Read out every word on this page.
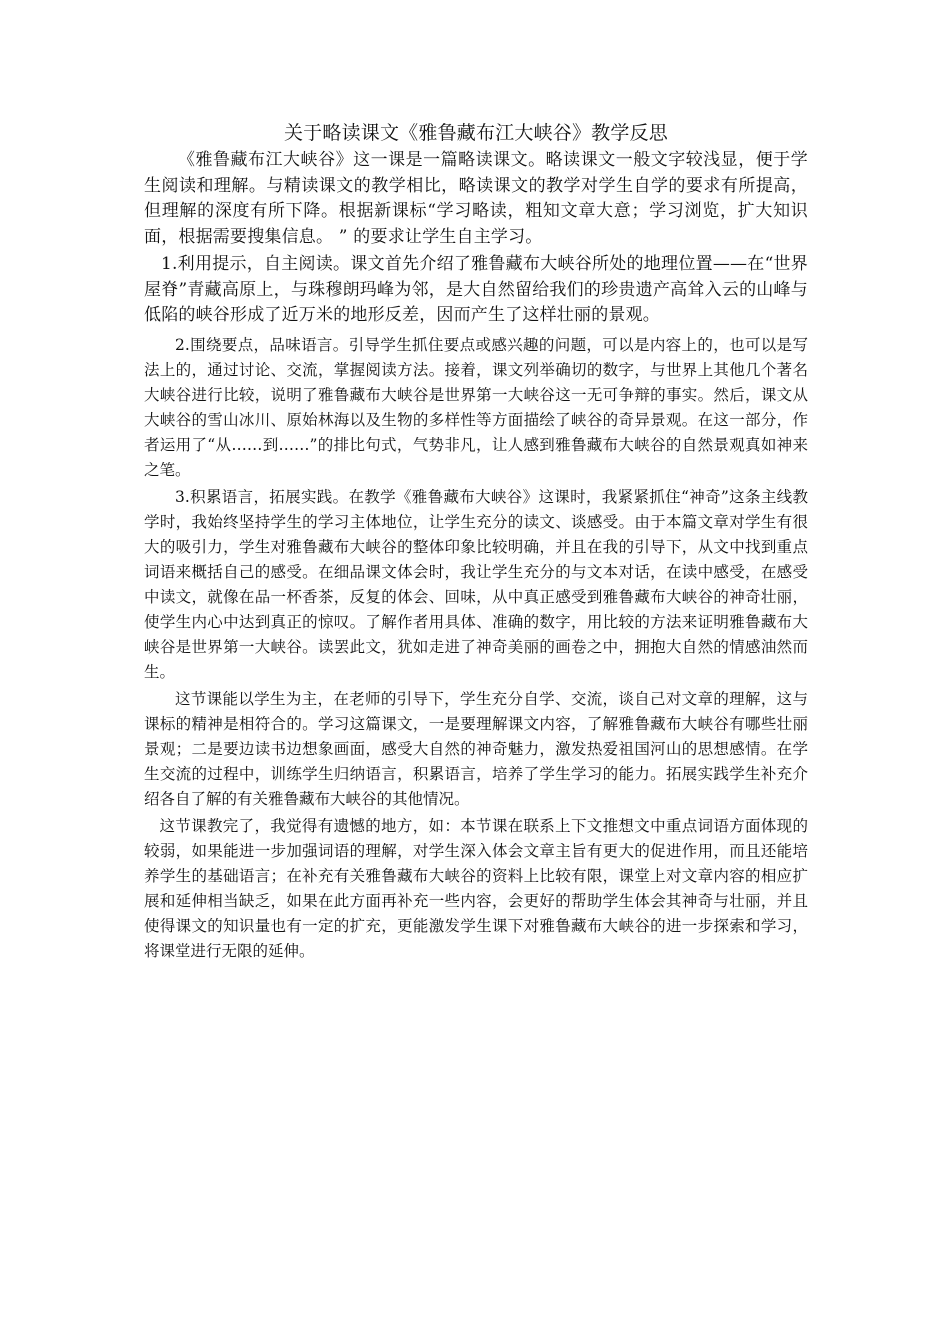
关于略读课文《雅鲁藏布江大峡谷》教学反思

《雅鲁藏布江大峡谷》这一课是一篇略读课文。略读课文一般文字较浅显，便于学生阅读和理解。与精读课文的教学相比，略读课文的教学对学生自学的要求有所提高，但理解的深度有所下降。根据新课标“学习略读，粗知文章大意；学习浏览，扩大知识面，根据需要搜集信息。 ” 的要求让学生自主学习。

1.利用提示，自主阅读。课文首先介绍了雅鲁藏布大峡谷所处的地理位置——在“世界屋脊”青藏高原上，与珠穆朗玛峰为邻，是大自然留给我们的珍贵遗产高耸入云的山峰与低陷的峡谷形成了近万米的地形反差，因而产生了这样壮丽的景观。

2.围绕要点，品味语言。引导学生抓住要点或感兴趣的问题，可以是内容上的，也可以是写法上的，通过讨论、交流，掌握阅读方法。接着，课文列举确切的数字，与世界上其他几个著名大峡谷进行比较，说明了雅鲁藏布大峡谷是世界第一大峡谷这一无可争辩的事实。然后，课文从大峡谷的雪山冰川、原始林海以及生物的多样性等方面描绘了峡谷的奇异景观。在这一部分，作者运用了“从……到……”的排比句式，气势非凡，让人感到雅鲁藏布大峡谷的自然景观真如神来之笔。

3.积累语言，拓展实践。在教学《雅鲁藏布大峡谷》这课时，我紧紧抓住“神奇”这条主线教学时，我始终坚持学生的学习主体地位，让学生充分的读文、谈感受。由于本篇文章对学生有很大的吸引力，学生对雅鲁藏布大峡谷的整体印象比较明确，并且在我的引导下，从文中找到重点词语来概括自己的感受。在细品课文体会时，我让学生充分的与文本对话，在读中感受，在感受中读文，就像在品一杯香茶，反复的体会、回味，从中真正感受到雅鲁藏布大峡谷的神奇壮丽，使学生内心中达到真正的惊叹。了解作者用具体、准确的数字，用比较的方法来证明雅鲁藏布大峡谷是世界第一大峡谷。读罢此文，犹如走进了神奇美丽的画卷之中，拥抱大自然的情感油然而生。

这节课能以学生为主，在老师的引导下，学生充分自学、交流，谈自己对文章的理解，这与课标的精神是相符合的。学习这篇课文，一是要理解课文内容，了解雅鲁藏布大峡谷有哪些壮丽景观；二是要边读书边想象画面，感受大自然的神奇魅力，激发热爱祖国河山的思想感情。在学生交流的过程中，训练学生归纳语言，积累语言，培养了学生学习的能力。拓展实践学生补充介绍各自了解的有关雅鲁藏布大峡谷的其他情况。

这节课教完了，我觉得有遗憾的地方，如：本节课在联系上下文推想文中重点词语方面体现的较弱，如果能进一步加强词语的理解，对学生深入体会文章主旨有更大的促进作用，而且还能培养学生的基础语言；在补充有关雅鲁藏布大峡谷的资料上比较有限，课堂上对文章内容的相应扩展和延伸相当缺乏，如果在此方面再补充一些内容，会更好的帮助学生体会其神奇与壮丽，并且使得课文的知识量也有一定的扩充，更能激发学生课下对雅鲁藏布大峡谷的进一步探索和学习，将课堂进行无限的延伸。
